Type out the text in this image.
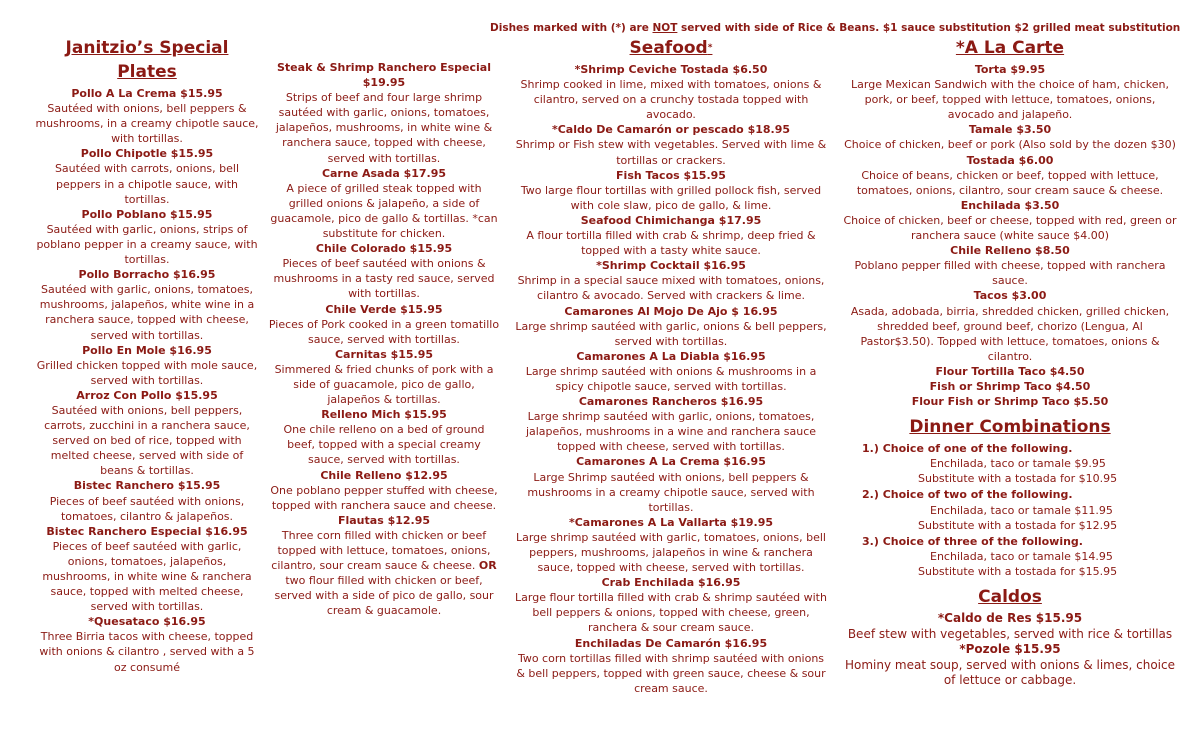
Dishes marked with (*) are NOT served with side of Rice & Beans. $1 sauce substitution $2 grilled meat substitution
Janitzio’s Special Plates
Pollo A La Crema $15.95
Sautéed with onions, bell peppers & mushrooms, in a creamy chipotle sauce, with tortillas.
Pollo Chipotle $15.95
Sautéed with carrots, onions, bell peppers in a chipotle sauce, with tortillas.
Pollo Poblano $15.95
Sautéed with garlic, onions, strips of poblano pepper in a creamy sauce, with tortillas.
Pollo Borracho $16.95
Sautéed with garlic, onions, tomatoes, mushrooms, jalapeños, white wine in a ranchera sauce, topped with cheese, served with tortillas.
Pollo En Mole $16.95
Grilled chicken topped with mole sauce, served with tortillas.
Arroz Con Pollo $15.95
Sautéed with onions, bell peppers, carrots, zucchini in a ranchera sauce, served on bed of rice, topped with melted cheese, served with side of beans & tortillas.
Bistec Ranchero $15.95
Pieces of beef sautéed with onions, tomatoes, cilantro & jalapeños.
Bistec Ranchero Especial $16.95
Pieces of beef sautéed with garlic, onions, tomatoes, jalapeños, mushrooms, in white wine & ranchera sauce, topped with melted cheese, served with tortillas.
*Quesataco $16.95
Three Birria tacos with cheese, topped with onions & cilantro , served with a 5 oz consumé
Steak & Shrimp Ranchero Especial $19.95
Strips of beef and four large shrimp sautéed with garlic, onions, tomatoes, jalapeños, mushrooms, in white wine & ranchera sauce, topped with cheese, served with tortillas.
Carne Asada $17.95
A piece of grilled steak topped with grilled onions & jalapeño, a side of guacamole, pico de gallo & tortillas. *can substitute for chicken.
Chile Colorado $15.95
Pieces of beef sautéed with onions & mushrooms in a tasty red sauce, served with tortillas.
Chile Verde $15.95
Pieces of Pork cooked in a green tomatillo sauce, served with tortillas.
Carnitas $15.95
Simmered & fried chunks of pork with a side of guacamole, pico de gallo, jalapeños & tortillas.
Relleno Mich $15.95
One chile relleno on a bed of ground beef, topped with a special creamy sauce, served with tortillas.
Chile Relleno $12.95
One poblano pepper stuffed with cheese, topped with ranchera sauce and cheese.
Flautas $12.95
Three corn filled with chicken or beef topped with lettuce, tomatoes, onions, cilantro, sour cream sauce & cheese. OR two flour filled with chicken or beef, served with a side of pico de gallo, sour cream & guacamole.
Seafood*
*Shrimp Ceviche Tostada $6.50
Shrimp cooked in lime, mixed with tomatoes, onions & cilantro, served on a crunchy tostada topped with avocado.
*Caldo De Camarón or pescado $18.95
Shrimp or Fish stew with vegetables. Served with lime & tortillas or crackers.
Fish Tacos $15.95
Two large flour tortillas with grilled pollock fish, served with cole slaw, pico de gallo, & lime.
Seafood Chimichanga $17.95
A flour tortilla filled with crab & shrimp, deep fried & topped with a tasty white sauce.
*Shrimp Cocktail $16.95
Shrimp in a special sauce mixed with tomatoes, onions, cilantro & avocado. Served with crackers & lime.
Camarones Al Mojo De Ajo $ 16.95
Large shrimp sautéed with garlic, onions & bell peppers, served with tortillas.
Camarones A La Diabla $16.95
Large shrimp sautéed with onions & mushrooms in a spicy chipotle sauce, served with tortillas.
Camarones Rancheros $16.95
Large shrimp sautéed with garlic, onions, tomatoes, jalapeños, mushrooms in a wine and ranchera sauce topped with cheese, served with tortillas.
Camarones A La Crema $16.95
Large Shrimp sautéed with onions, bell peppers & mushrooms in a creamy chipotle sauce, served with tortillas.
*Camarones A La Vallarta $19.95
Large shrimp sautéed with garlic, tomatoes, onions, bell peppers, mushrooms, jalapeños in wine & ranchera sauce, topped with cheese, served with tortillas.
Crab Enchilada $16.95
Large flour tortilla filled with crab & shrimp sautéed with bell peppers & onions, topped with cheese, green, ranchera & sour cream sauce.
Enchiladas De Camarón $16.95
Two corn tortillas filled with shrimp sautéed with onions & bell peppers, topped with green sauce, cheese & sour cream sauce.
*A La Carte
Torta $9.95
Large Mexican Sandwich with the choice of ham, chicken, pork, or beef, topped with lettuce, tomatoes, onions, avocado and jalapeño.
Tamale $3.50
Choice of chicken, beef or pork (Also sold by the dozen $30)
Tostada $6.00
Choice of beans, chicken or beef, topped with lettuce, tomatoes, onions, cilantro, sour cream sauce & cheese.
Enchilada $3.50
Choice of chicken, beef or cheese, topped with red, green or ranchera sauce (white sauce $4.00)
Chile Relleno $8.50
Poblano pepper filled with cheese, topped with ranchera sauce.
Tacos $3.00
Asada, adobada, birria, shredded chicken, grilled chicken, shredded beef, ground beef, chorizo (Lengua, Al Pastor$3.50). Topped with lettuce, tomatoes, onions & cilantro.
Flour Tortilla Taco $4.50
Fish or Shrimp Taco $4.50
Flour Fish or Shrimp Taco $5.50
Dinner Combinations
1.) Choice of one of the following.
Enchilada, taco or tamale $9.95
Substitute with a tostada for $10.95
2.) Choice of two of the following.
Enchilada, taco or tamale $11.95
Substitute with a tostada for $12.95
3.) Choice of three of the following.
Enchilada, taco or tamale $14.95
Substitute with a tostada for $15.95
Caldos
*Caldo de Res $15.95
Beef stew with vegetables, served with rice & tortillas
*Pozole $15.95
Hominy meat soup, served with onions & limes, choice of lettuce or cabbage.
